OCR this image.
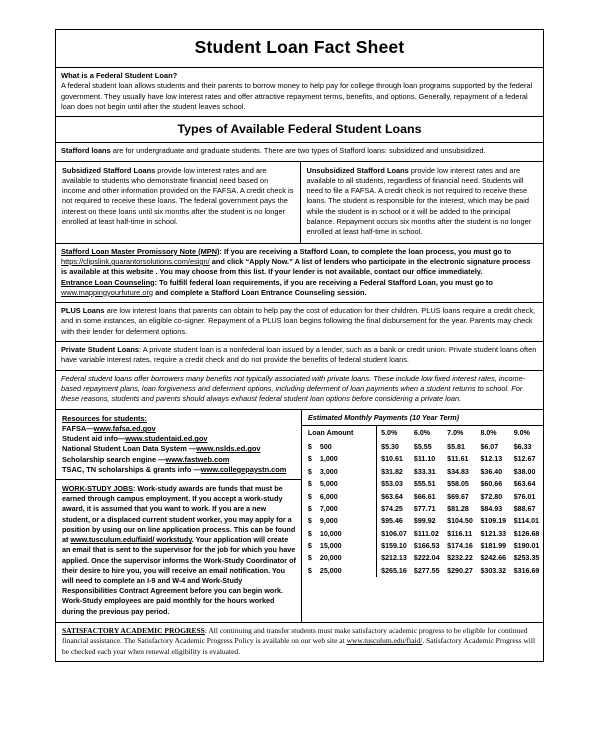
Student Loan Fact Sheet
What is a Federal Student Loan?
A federal student loan allows students and their parents to borrow money to help pay for college through loan programs supported by the federal government. They usually have low interest rates and offer attractive repayment terms, benefits, and options. Generally, repayment of a federal loan does not begin until after the student leaves school.
Types of Available Federal Student Loans
Stafford loans are for undergraduate and graduate students. There are two types of Stafford loans: subsidized and unsubsidized.
Subsidized Stafford Loans provide low interest rates and are available to students who demonstrate financial need based on income and other information provided on the FAFSA. A credit check is not required to receive these loans. The federal government pays the interest on these loans until six months after the student is no longer enrolled at least half-time in school.
Unsubsidized Stafford Loans provide low interest rates and are available to all students, regardless of financial need. Students will need to file a FAFSA. A credit check is not required to receive these loans. The student is responsible for the interest, which may be paid while the student is in school or it will be added to the principal balance. Repayment occurs six months after the student is no longer enrolled at least half-time in school.
Stafford Loan Master Promissory Note (MPN): If you are receiving a Stafford Loan, to complete the loan process, you must go to https://clipslink.guarantorsolutions.com/esign/ and click “Apply Now.” A list of lenders who participate in the electronic signature process is available at this website . You may choose from this list. If your lender is not available, contact our office immediately.
Entrance Loan Counseling: To fulfill federal loan requirements, if you are receiving a Federal Stafford Loan, you must go to www.mappingyourfuture.org and complete a Stafford Loan Entrance Counseling session.
PLUS Loans are low interest loans that parents can obtain to help pay the cost of education for their children. PLUS loans require a credit check, and in some instances, an eligible co-signer. Repayment of a PLUS loan begins following the final disbursement for the year. Parents may check with their lender for deferment options.
Private Student Loans: A private student loan is a nonfederal loan issued by a lender, such as a bank or credit union. Private student loans often have variable interest rates, require a credit check and do not provide the benefits of federal student loans.
Federal student loans offer borrowers many benefits not typically associated with private loans. These include low fixed interest rates, income-based repayment plans, loan forgiveness and deferment options, including deferment of loan payments when a student returns to school. For these reasons, students and parents should always exhaust federal student loan options before considering a private loan.
Resources for students:
FAFSA—www.fafsa.ed.gov
Student aid info—www.studentaid.ed.gov
National Student Loan Data System —www.nslds.ed.gov
Scholarship search engine —www.fastweb.com
TSAC, TN scholarships & grants info —www.collegepaystn.com
WORK-STUDY JOBS: Work-study awards are funds that must be earned through campus employment. If you accept a work-study award, it is assumed that you want to work. If you are a new student, or a displaced current student worker, you may apply for a position by using our on line application process. This can be found at www.tusculum.edu/fiaid/ workstudy. Your application will create an email that is sent to the supervisor for the job for which you have applied. Once the supervisor informs the Work-Study Coordinator of their desire to hire you, you will receive an email notification. You will need to complete an I-9 and W-4 and Work-Study Responsibilities Contract Agreement before you can begin work. Work-Study employees are paid monthly for the hours worked during the previous pay period.
Estimated Monthly Payments (10 Year Term)
Loan Amount	5.0%	6.0%	7.0%	8.0%	9.0%
$ 500	$5.30	$5.55	$5.81	$6.07	$6.33
$ 1,000	$10.61	$11.10	$11.61	$12.13	$12.67
$ 3,000	$31.82	$33.31	$34.83	$36.40	$38.00
$ 5,000	$53.03	$55.51	$58.05	$60.66	$63.64
$ 6,000	$63.64	$66.61	$69.67	$72.80	$76.01
$ 7,000	$74.25	$77.71	$81.28	$84.93	$88.67
$ 9,000	$95.46	$99.92	$104.50	$109.19	$114.01
$ 10,000	$106.07	$111.02	$116.11	$121.33	$126.68
$ 15,000	$159.10	$166.53	$174.16	$181.99	$190.01
$ 20,000	$212.13	$222.04	$232.22	$242.66	$253.35
$ 25,000	$265.16	$277.55	$290.27	$303.32	$316.69
SATISFACTORY ACADEMIC PROGRESS: All continuing and transfer students must make satisfactory academic progress to be eligible for continued financial assistance. The Satisfactory Academic Progress Policy is available on our web site at www.tusculum.edu/fiaid/. Satisfactory Academic Progress will be checked each year when renewal eligibility is evaluated.
